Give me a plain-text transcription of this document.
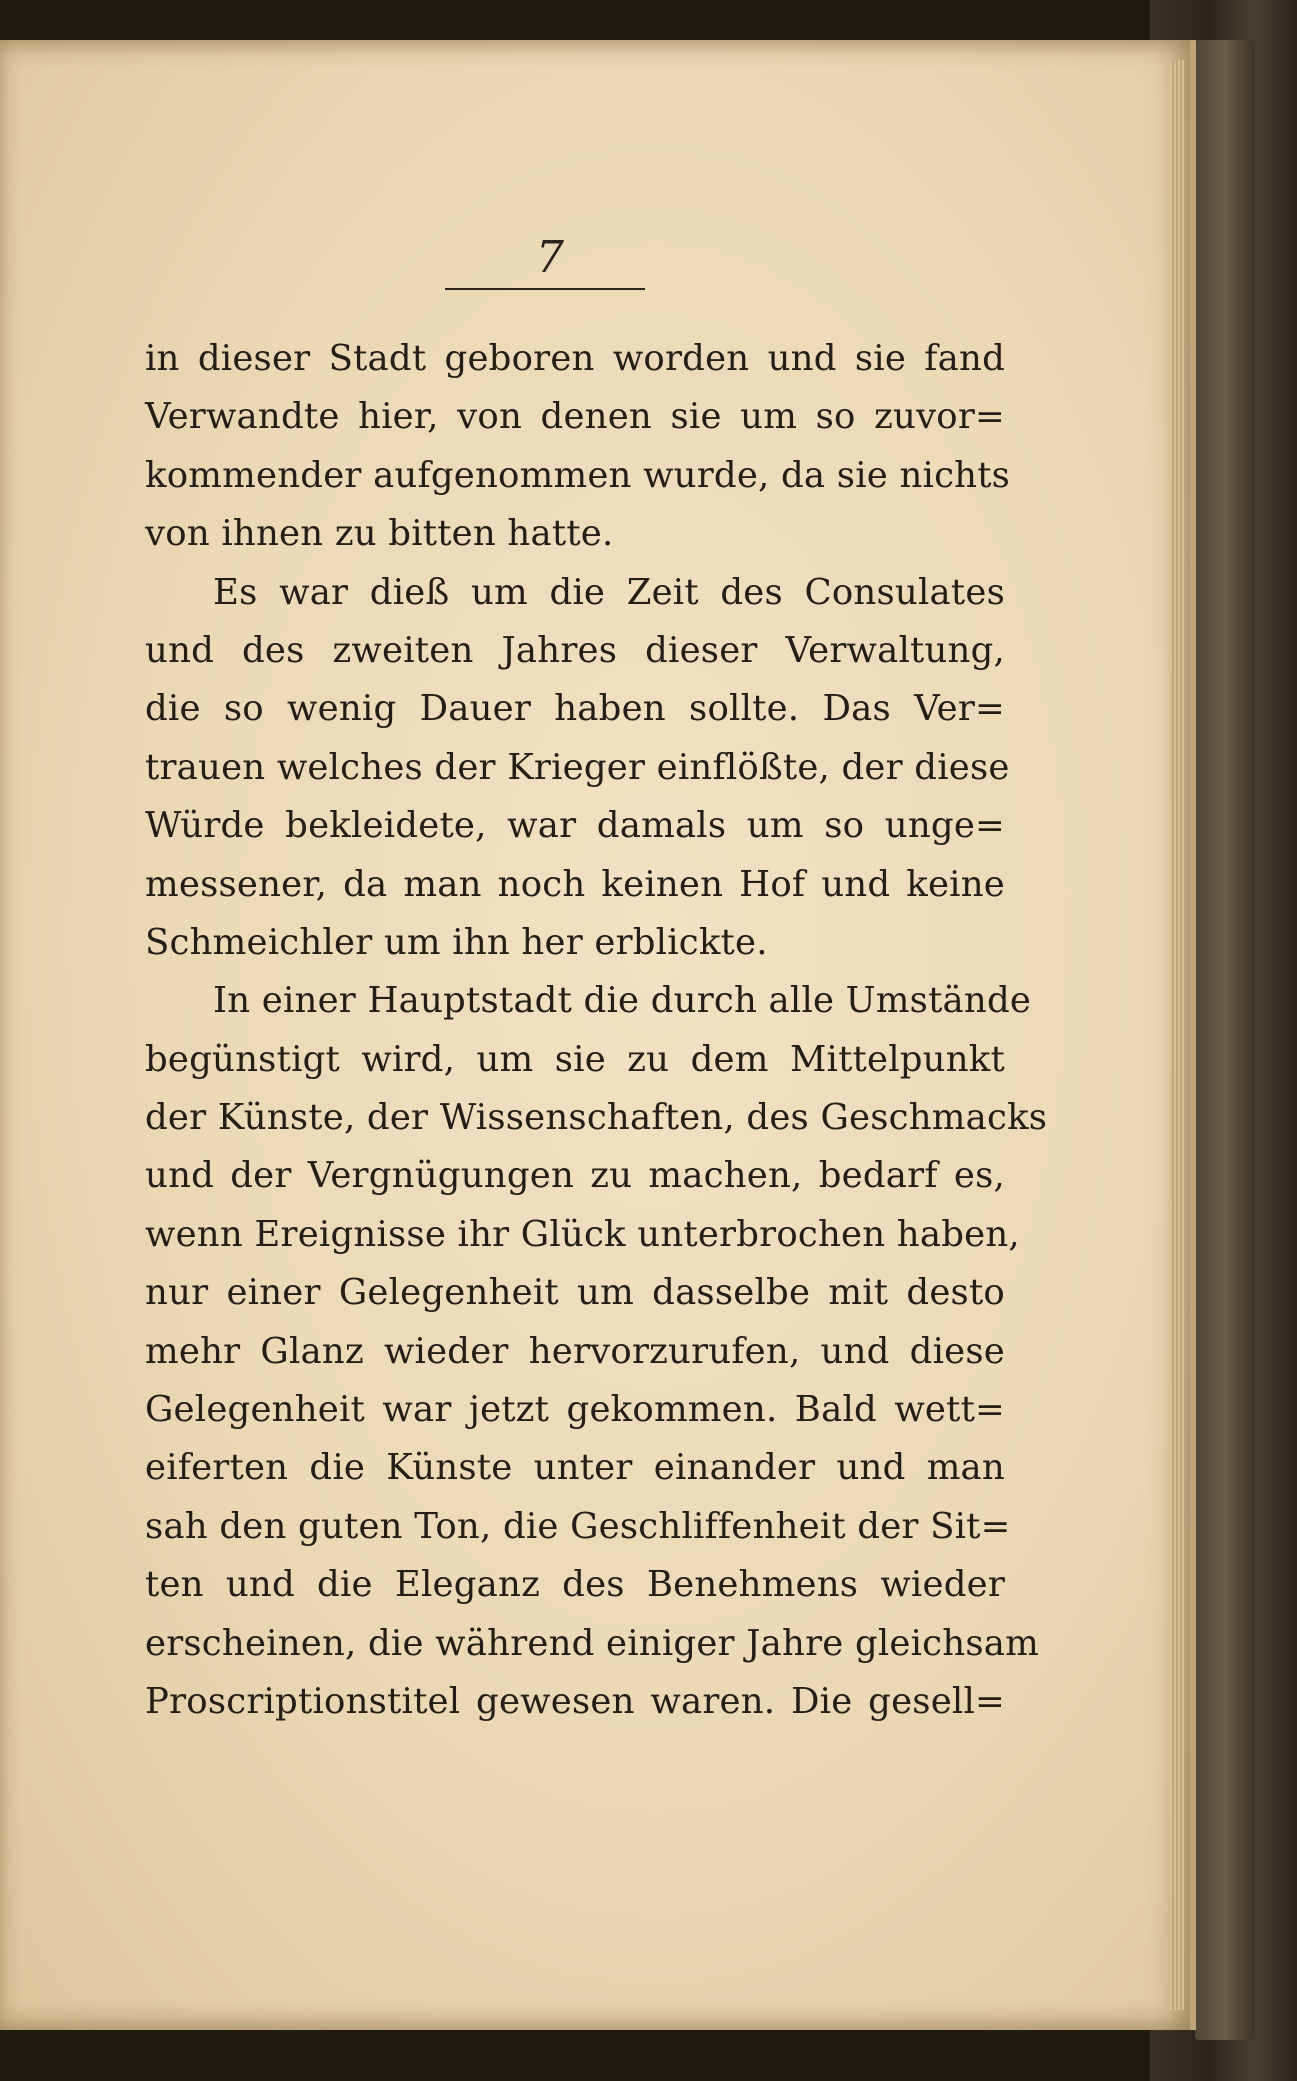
7
in dieser Stadt geboren worden und sie fand
Verwandte hier, von denen sie um so zuvor=
kommender aufgenommen wurde, da sie nichts
von ihnen zu bitten hatte.
Es war dieß um die Zeit des Consulates
und des zweiten Jahres dieser Verwaltung,
die so wenig Dauer haben sollte. Das Ver=
trauen welches der Krieger einflößte, der diese
Würde bekleidete, war damals um so unge=
messener, da man noch keinen Hof und keine
Schmeichler um ihn her erblickte.
In einer Hauptstadt die durch alle Umstände
begünstigt wird, um sie zu dem Mittelpunkt
der Künste, der Wissenschaften, des Geschmacks
und der Vergnügungen zu machen, bedarf es,
wenn Ereignisse ihr Glück unterbrochen haben,
nur einer Gelegenheit um dasselbe mit desto
mehr Glanz wieder hervorzurufen, und diese
Gelegenheit war jetzt gekommen. Bald wett=
eiferten die Künste unter einander und man
sah den guten Ton, die Geschliffenheit der Sit=
ten und die Eleganz des Benehmens wieder
erscheinen, die während einiger Jahre gleichsam
Proscriptionstitel gewesen waren. Die gesell=
